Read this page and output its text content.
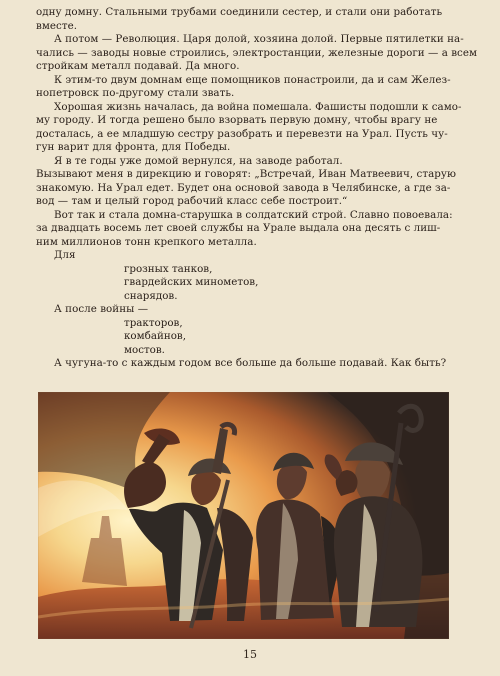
одну домну. Стальными трубами соединили сестер, и стали они работать
вместе.

А потом — Революция. Царя долой, хозяина долой. Первые пятилетки на-
чались — заводы новые строились, электростанции, железные дороги — а всем
стройкам металл подавай. Да много.

К этим-то двум домнам еще помощников понастроили, да и сам Желез-
нопетровск по-другому стали звать.

Хорошая жизнь началась, да война помешала. Фашисты подошли к само-
му городу. И тогда решено было взорвать первую домну, чтобы врагу не
досталась, а ее младшую сестру разобрать и перевезти на Урал. Пусть чу-
гун варит для фронта, для Победы.

Я в те годы уже домой вернулся, на заводе работал.

Вызывают меня в дирекцию и говорят: „Встречай, Иван Матвеевич, старую
знакомую. На Урал едет. Будет она основой завода в Челябинске, а где за-
вод — там и целый город рабочий класс себе построит.“

Вот так и стала домна-старушка в солдатский строй. Славно повоевала:
за двадцать восемь лет своей службы на Урале выдала она десять с лиш-
ним миллионов тонн крепкого металла.

Для
грозных танков,
гвардейских минометов,
снарядов.
А после войны —
тракторов,
комбайнов,
мостов.

А чугуна-то с каждым годом все больше да больше подавай. Как быть?

15
